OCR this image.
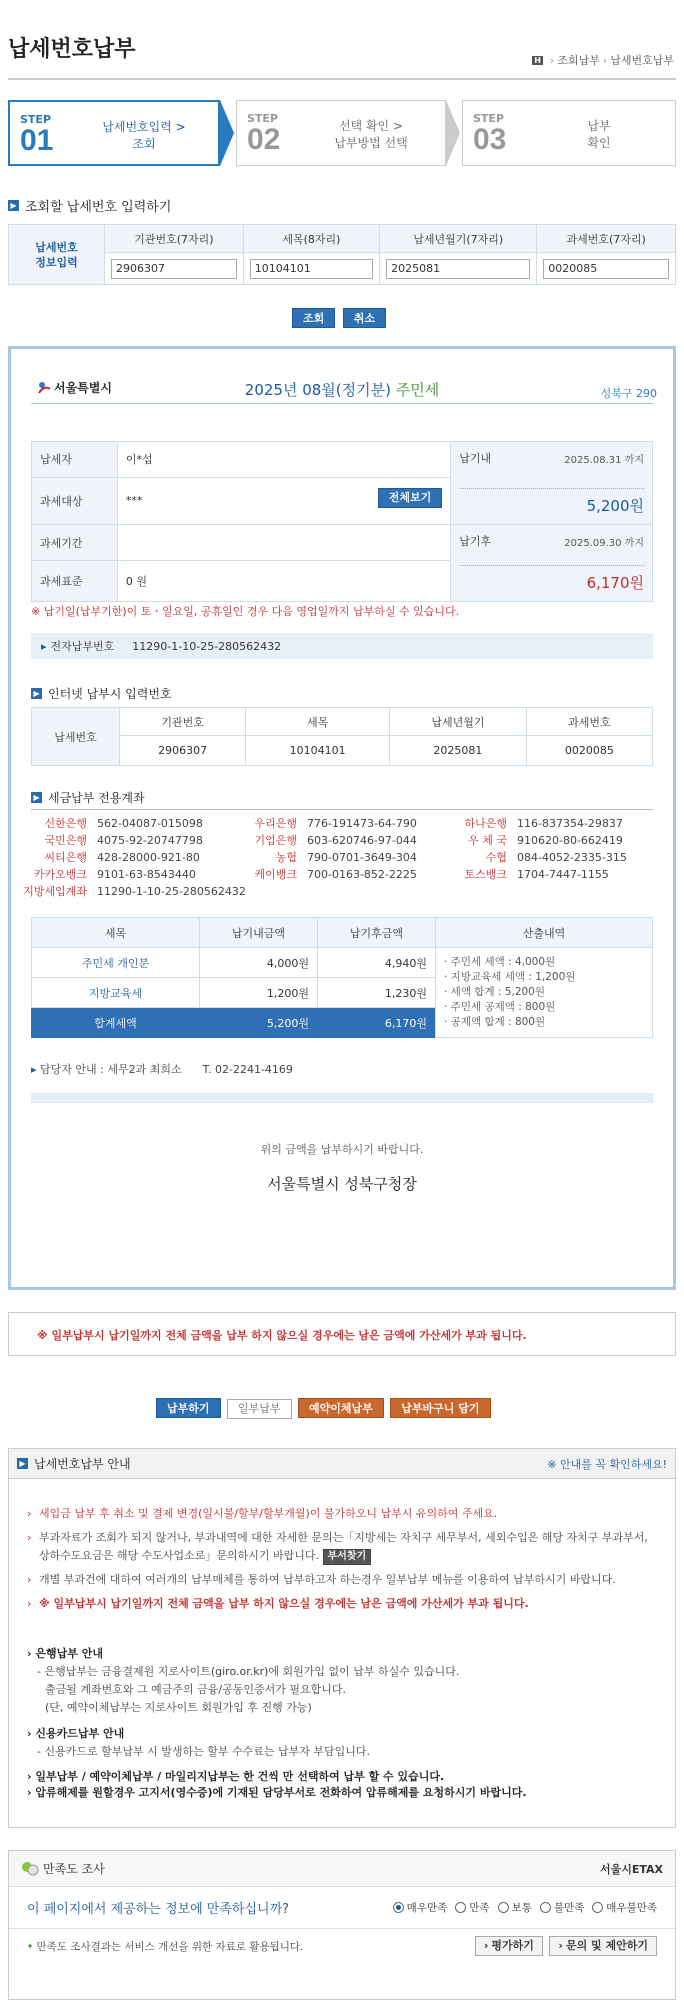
납세번호납부	H › 조회납부 › 납세번호납부
STEP
01	납세번호입력 >
조회
STEP
02	선택 확인 >
납부방법 선택
STEP
03	납부
확인
▶ 조회할 납세번호 입력하기
납세번호
정보입력	기관번호(7자리)	세목(8자리)	납세년월기(7자리)	과세번호(7자리)

	2906307	10104101	2025081	0020085
조회	취소
서울특별시	2025년 08월(정기분) 주민세	성북구 290
납세자	이*섭	납기내 2025.08.31 까지
5,200원

과세대상	*** 전체보기	

과세기간		납기후 2025.09.30 까지
6,170원

과세표준	0 원	
※ 납기일(납부기한)이 토ㆍ일요일, 공휴일인 경우 다음 영업일까지 납부하실 수 있습니다.
▸ 전자납부번호 11290-1-10-25-280562432
▶ 인터넷 납부시 입력번호
납세번호	기관번호	세목	납세년월기	과세번호
	2906307	10104101	2025081	0020085
▶ 세금납부 전용계좌
신한은행 562-04087-015098	우리은행 776-191473-64-790	하나은행 116-837354-29837
국민은행 4075-92-20747798	기업은행 603-620746-97-044	우 체 국 910620-80-662419
씨티은행 428-28000-921-80	농협 790-0701-3649-304	수협 084-4052-2335-315
카카오뱅크 9101-63-8543440	케이뱅크 700-0163-852-2225	토스뱅크 1704-7447-1155
지방세입계좌 11290-1-10-25-280562432
세목	납기내금액	납기후금액	산출내역
주민세 개인분	4,000원	4,940원	· 주민세 세액 : 4,000원
· 지방교육세 세액 : 1,200원
· 세액 합계 : 5,200원
· 주민세 공제액 : 800원
· 공제액 합계 : 800원

지방교육세	1,200원	1,230원	
합계세액	5,200원	6,170원	
▸ 담당자 안내 : 세무2과 최희소      T. 02-2241-4169
위의 금액을 납부하시기 바랍니다.
서울특별시 성북구청장
※ 일부납부시 납기일까지 전체 금액을 납부 하지 않으실 경우에는 남은 금액에 가산세가 부과 됩니다.
납부하기	일부납부	예약이체납부	납부바구니 담기
▶ 납세번호납부 안내	※ 안내를 꼭 확인하세요!
› 세입금 납부 후 취소 및 결제 변경(일시불/할부/할부개월)이 불가하오니 납부시 유의하여 주세요.
› 부과자료가 조회가 되지 않거나, 부과내역에 대한 자세한 문의는「지방세는 자치구 세무부서, 세외수입은 해당 자치구 부과부서, 상하수도요금은 해당 수도사업소로」문의하시기 바랍니다. 부서찾기
› 개별 부과건에 대하여 여러개의 납부매체를 통하여 납부하고자 하는경우 일부납부 메뉴를 이용하여 납부하시기 바랍니다.
› ※ 일부납부시 납기일까지 전체 금액을 납부 하지 않으실 경우에는 남은 금액에 가산세가 부과 됩니다.
› 은행납부 안내
- 은행납부는 금융결제원 지로사이트(giro.or.kr)에 회원가입 없이 납부 하실수 있습니다.
출금될 계좌번호와 그 예금주의 금융/공동인증서가 필요합니다.
(단, 예약이체납부는 지로사이트 회원가입 후 진행 가능)
› 신용카드납부 안내
- 신용카드로 할부납부 시 발생하는 할부 수수료는 납부자 부담입니다.
› 일부납부 / 예약이체납부 / 마일리지납부는 한 건씩 만 선택하여 납부 할 수 있습니다.
› 압류해제를 원할경우 고지서(영수증)에 기재된 담당부서로 전화하여 압류해제를 요청하시기 바랍니다.
만족도 조사	서울시ETAX
이 페이지에서 제공하는 정보에 만족하십니까?	매우만족 만족 보통 불만족 매우불만족
• 만족도 조사결과는 서비스 개선을 위한 자료로 활용됩니다.	› 평가하기 › 문의 및 제안하기
